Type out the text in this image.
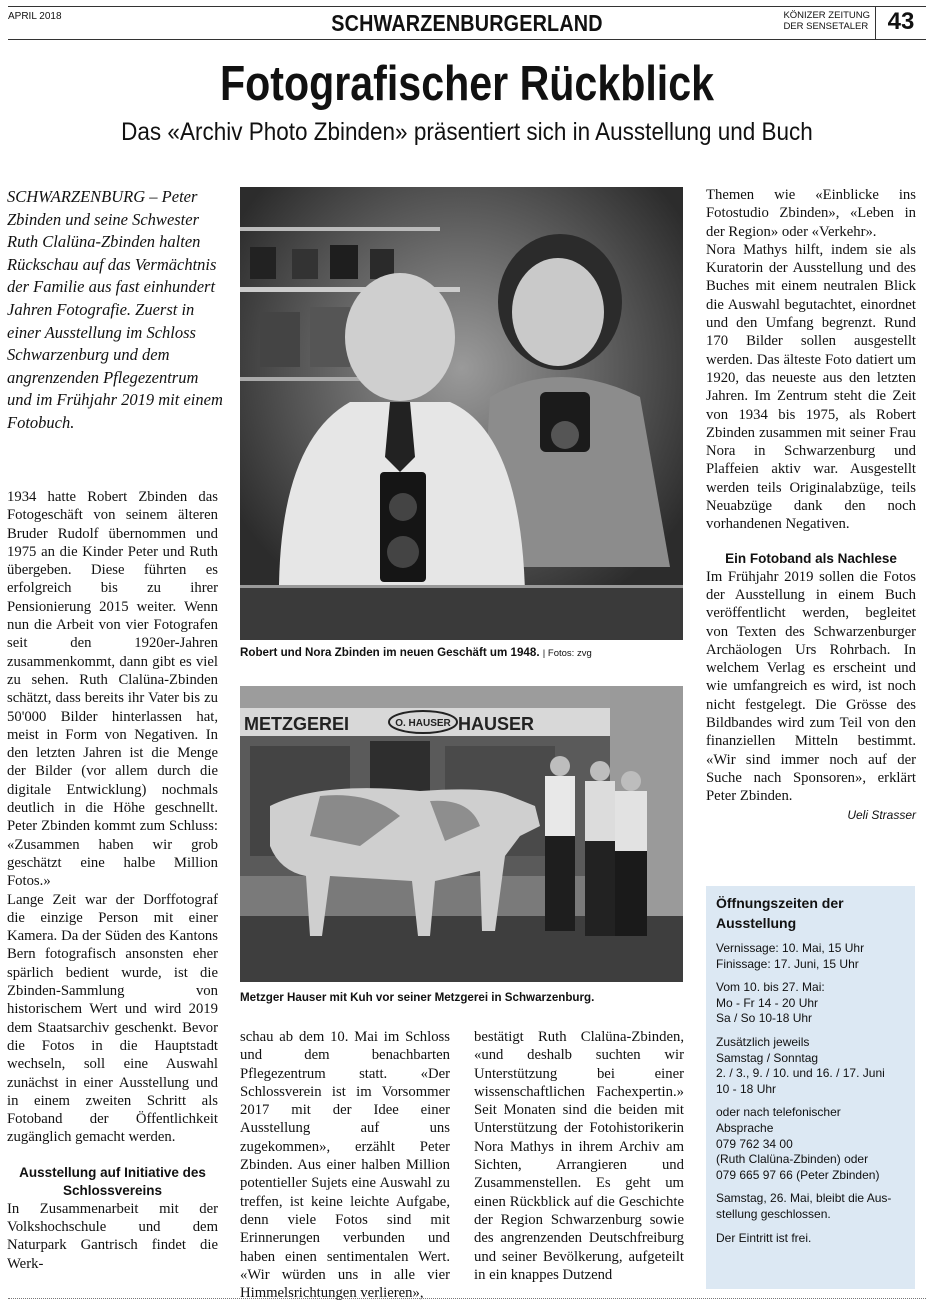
APRIL 2018	SCHWARZENBURGERLAND	KÖNIZER ZEITUNG
DER SENSETALER 43
Fotografischer Rückblick
Das «Archiv Photo Zbinden» präsentiert sich in Ausstellung und Buch
SCHWARZENBURG – Peter Zbinden und seine Schwester Ruth Clalüna-Zbinden halten Rückschau auf das Vermächtnis der Familie aus fast einhundert Jahren Fotografie. Zuerst in einer Ausstellung im Schloss Schwarzenburg und dem angrenzenden Pflegezentrum und im Frühjahr 2019 mit einem Fotobuch.

1934 hatte Robert Zbinden das Fotogeschäft von seinem älteren Bruder Rudolf übernommen und 1975 an die Kinder Peter und Ruth übergeben. Diese führten es erfolgreich bis zu ihrer Pensionierung 2015 weiter. Wenn nun die Arbeit von vier Fotografen seit den 1920er-Jahren zusammenkommt, dann gibt es viel zu sehen. Ruth Clalüna-Zbinden schätzt, dass bereits ihr Vater bis zu 50'000 Bilder hinterlassen hat, meist in Form von Negativen. In den letzten Jahren ist die Menge der Bilder (vor allem durch die digitale Entwicklung) nochmals deutlich in die Höhe geschnellt. Peter Zbinden kommt zum Schluss: «Zusammen haben wir grob geschätzt eine halbe Million Fotos.»

Lange Zeit war der Dorffotograf die einzige Person mit einer Kamera. Da der Süden des Kantons Bern fotografisch ansonsten eher spärlich bedient wurde, ist die Zbinden-Sammlung von historischem Wert und wird 2019 dem Staatsarchiv geschenkt. Bevor die Fotos in die Hauptstadt wechseln, soll eine Auswahl zunächst in einer Ausstellung und in einem zweiten Schritt als Fotoband der Öffentlichkeit zugänglich gemacht werden.

Ausstellung auf Initiative des Schlossvereins

In Zusammenarbeit mit der Volkshochschule und dem Naturpark Gantrisch findet die Werk-

Robert und Nora Zbinden im neuen Geschäft um 1948. | Fotos: zvg
METZGEREI	O. HAUSER HAUSER
Metzger Hauser mit Kuh vor seiner Metzgerei in Schwarzenburg.

schau ab dem 10. Mai im Schloss und dem benachbarten Pflegezentrum statt. «Der Schlossverein ist im Vorsommer 2017 mit der Idee einer Ausstellung auf uns zugekommen», erzählt Peter Zbinden. Aus einer halben Million potentieller Sujets eine Auswahl zu treffen, ist keine leichte Aufgabe, denn viele Fotos sind mit Erinnerungen verbunden und haben einen sentimentalen Wert. «Wir würden uns in alle vier Himmelsrichtungen verlieren»,

bestätigt Ruth Clalüna-Zbinden, «und deshalb suchten wir Unterstützung bei einer wissenschaftlichen Fachexpertin.» Seit Monaten sind die beiden mit Unterstützung der Fotohistorikerin Nora Mathys in ihrem Archiv am Sichten, Arrangieren und Zusammenstellen. Es geht um einen Rückblick auf die Geschichte der Region Schwarzenburg sowie des angrenzenden Deutschfreiburg und seiner Bevölkerung, aufgeteilt in ein knappes Dutzend

Themen wie «Einblicke ins Fotostudio Zbinden», «Leben in der Region» oder «Verkehr».

Nora Mathys hilft, indem sie als Kuratorin der Ausstellung und des Buches mit einem neutralen Blick die Auswahl begutachtet, einordnet und den Umfang begrenzt. Rund 170 Bilder sollen ausgestellt werden. Das älteste Foto datiert um 1920, das neueste aus den letzten Jahren. Im Zentrum steht die Zeit von 1934 bis 1975, als Robert Zbinden zusammen mit seiner Frau Nora in Schwarzenburg und Plaffeien aktiv war. Ausgestellt werden teils Originalabzüge, teils Neuabzüge dank den noch vorhandenen Negativen.

Ein Fotoband als Nachlese

Im Frühjahr 2019 sollen die Fotos der Ausstellung in einem Buch veröffentlicht werden, begleitet von Texten des Schwarzenburger Archäologen Urs Rohrbach. In welchem Verlag es erscheint und wie umfangreich es wird, ist noch nicht festgelegt. Die Grösse des Bildbandes wird zum Teil von den finanziellen Mitteln bestimmt. «Wir sind immer noch auf der Suche nach Sponsoren», erklärt Peter Zbinden.

Ueli Strasser

Öffnungszeiten der Ausstellung
Vernissage: 10. Mai, 15 Uhr
Finissage: 17. Juni, 15 Uhr
Vom 10. bis 27. Mai:
Mo - Fr 14 - 20 Uhr
Sa / So 10-18 Uhr
Zusätzlich jeweils
Samstag / Sonntag
2. / 3., 9. / 10. und 16. / 17. Juni
10 - 18 Uhr
oder nach telefonischer
Absprache
079 762 34 00
(Ruth Clalüna-Zbinden) oder
079 665 97 66 (Peter Zbinden)
Samstag, 26. Mai, bleibt die Aus-
stellung geschlossen.
Der Eintritt ist frei.
